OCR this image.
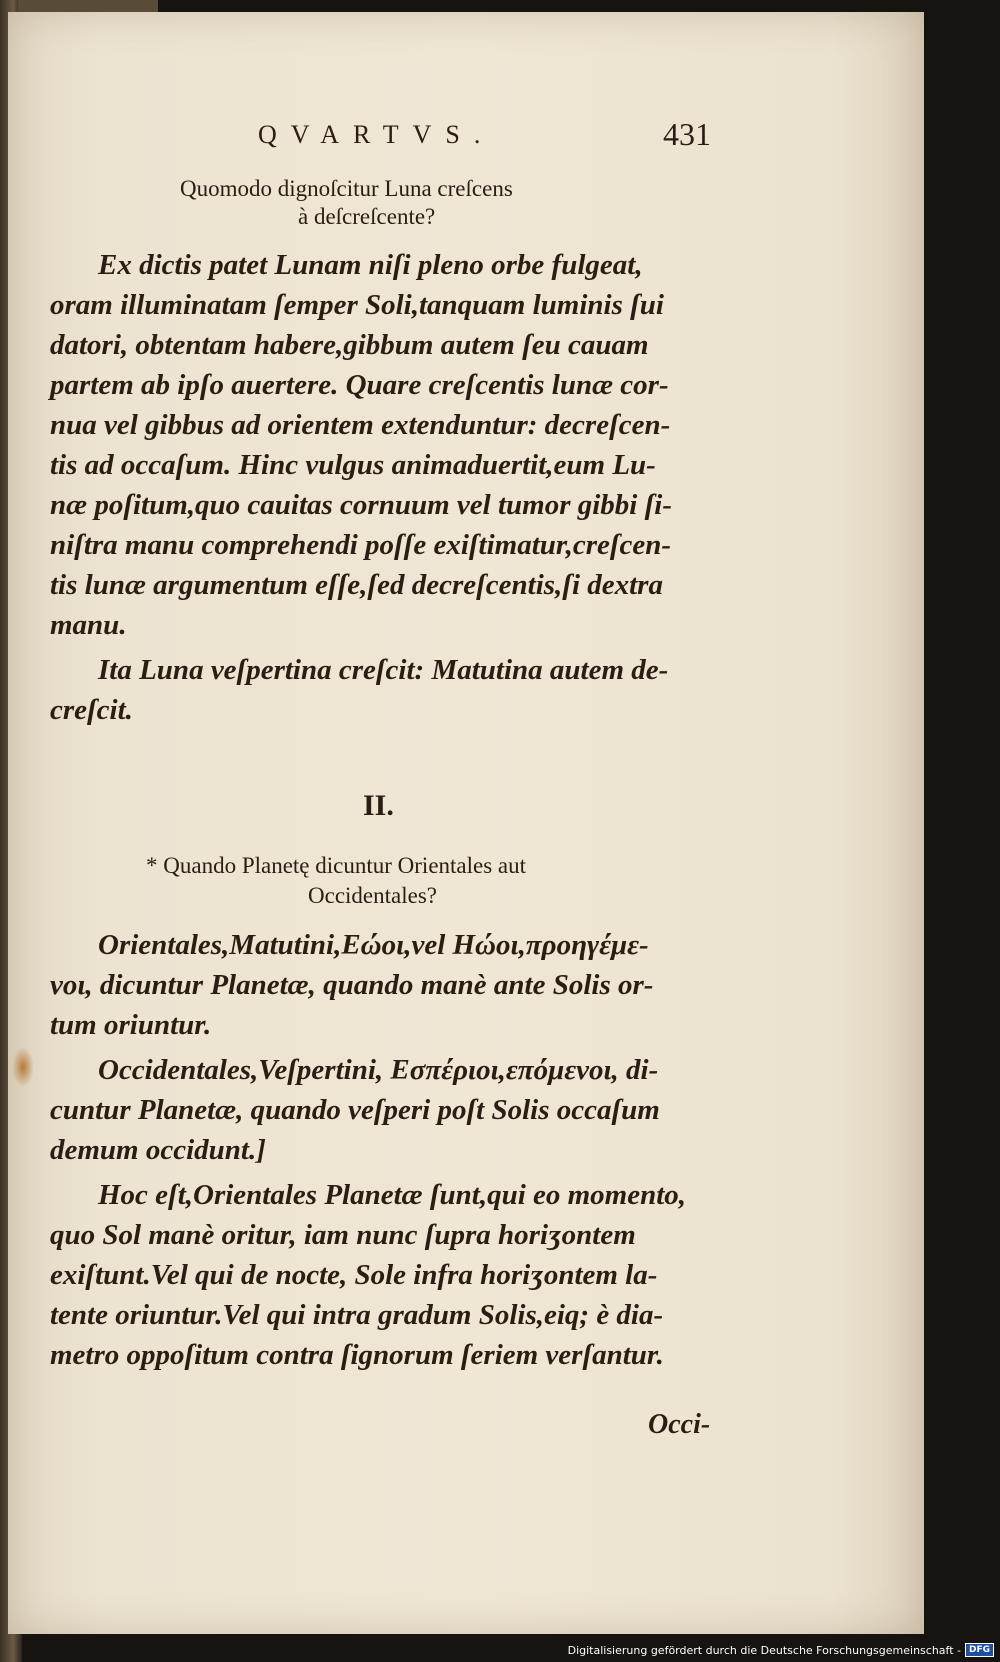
QVARTVS.	431
Quomodo dignoſcitur Luna creſcens
à deſcreſcente?
Ex dictis patet Lunam niſi pleno orbe fulgeat,
oram illuminatam ſemper Soli,tanquam luminis ſui
datori, obtentam habere,gibbum autem ſeu cauam
partem ab ipſo auertere. Quare creſcentis lunæ cor-
nua vel gibbus ad orientem extenduntur: decreſcen-
tis ad occaſum. Hinc vulgus animaduertit,eum Lu-
næ poſitum,quo cauitas cornuum vel tumor gibbi ſi-
niſtra manu comprehendi poſſe exiſtimatur,creſcen-
tis lunæ argumentum eſſe,ſed decreſcentis,ſi dextra
manu.
Ita Luna veſpertina creſcit: Matutina autem de-
creſcit.
II.
* Quando Planetę dicuntur Orientales aut
Occidentales?
Orientales,Matutini,Εώοι,vel Ηώοι,προηγέμε-
νοι, dicuntur Planetæ, quando manè ante Solis or-
tum oriuntur.
Occidentales,Veſpertini, Εσπέριοι,επόμενοι, di-
cuntur Planetæ, quando veſperi poſt Solis occaſum
demum occidunt.]
Hoc eſt,Orientales Planetæ ſunt,qui eo momento,
quo Sol manè oritur, iam nunc ſupra horiʒontem
exiſtunt.Vel qui de nocte, Sole infra horiʒontem la-
tente oriuntur.Vel qui intra gradum Solis,eiq; è dia-
metro oppoſitum contra ſignorum ſeriem verſantur.
Occi-
Digitalisierung gefördert durch die Deutsche Forschungsgemeinschaft - DFG
